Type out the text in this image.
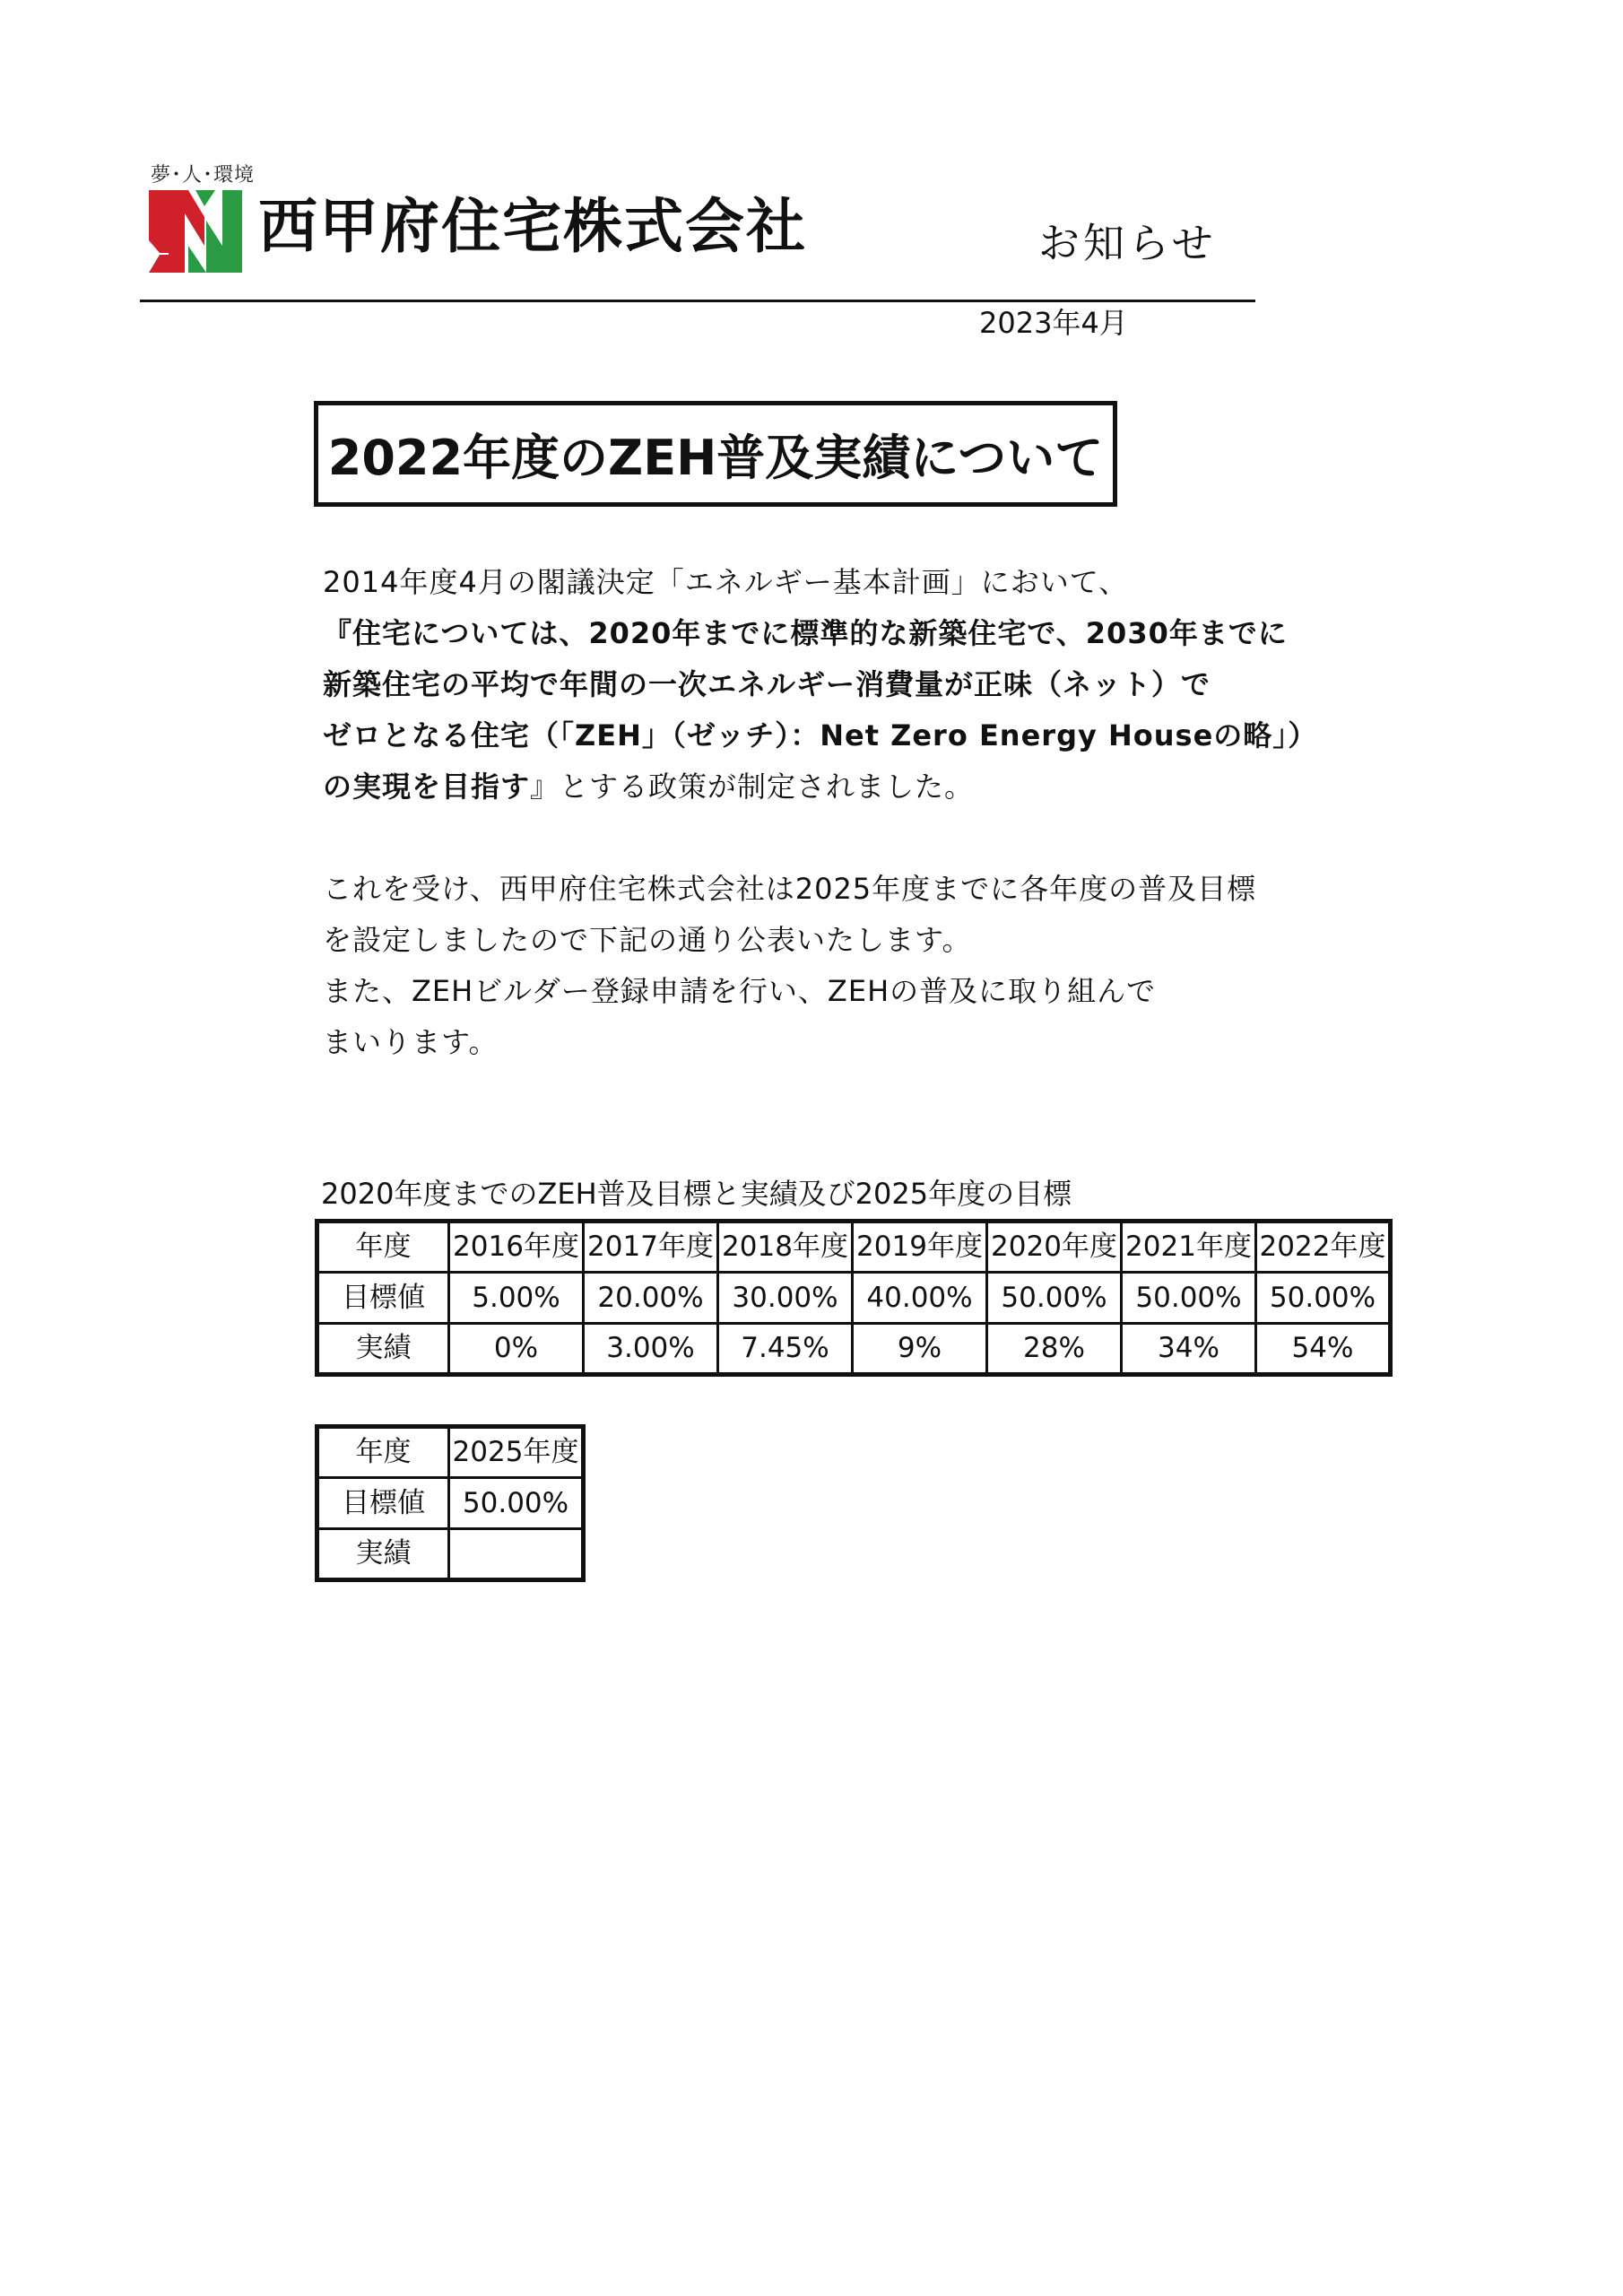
夢･人･環境
西甲府住宅株式会社	お知らせ
2023年4月
2022年度のZEH普及実績について
2014年度4月の閣議決定「エネルギー基本計画」において、
『住宅については、2020年までに標準的な新築住宅で、2030年までに
新築住宅の平均で年間の一次エネルギー消費量が正味（ネット）で
ゼロとなる住宅（「ZEH」（ゼッチ）：Net Zero Energy Houseの略」）
の実現を目指す』とする政策が制定されました。
これを受け、西甲府住宅株式会社は2025年度までに各年度の普及目標
を設定しましたので下記の通り公表いたします。
また、ZEHビルダー登録申請を行い、ZEHの普及に取り組んで
まいります。
2020年度までのZEH普及目標と実績及び2025年度の目標
年度	2016年度	2017年度	2018年度	2019年度	2020年度	2021年度	2022年度
目標値	5.00%	20.00%	30.00%	40.00%	50.00%	50.00%	50.00%
実績	0%	3.00%	7.45%	9%	28%	34%	54%
年度	2025年度
目標値	50.00%
実績	
